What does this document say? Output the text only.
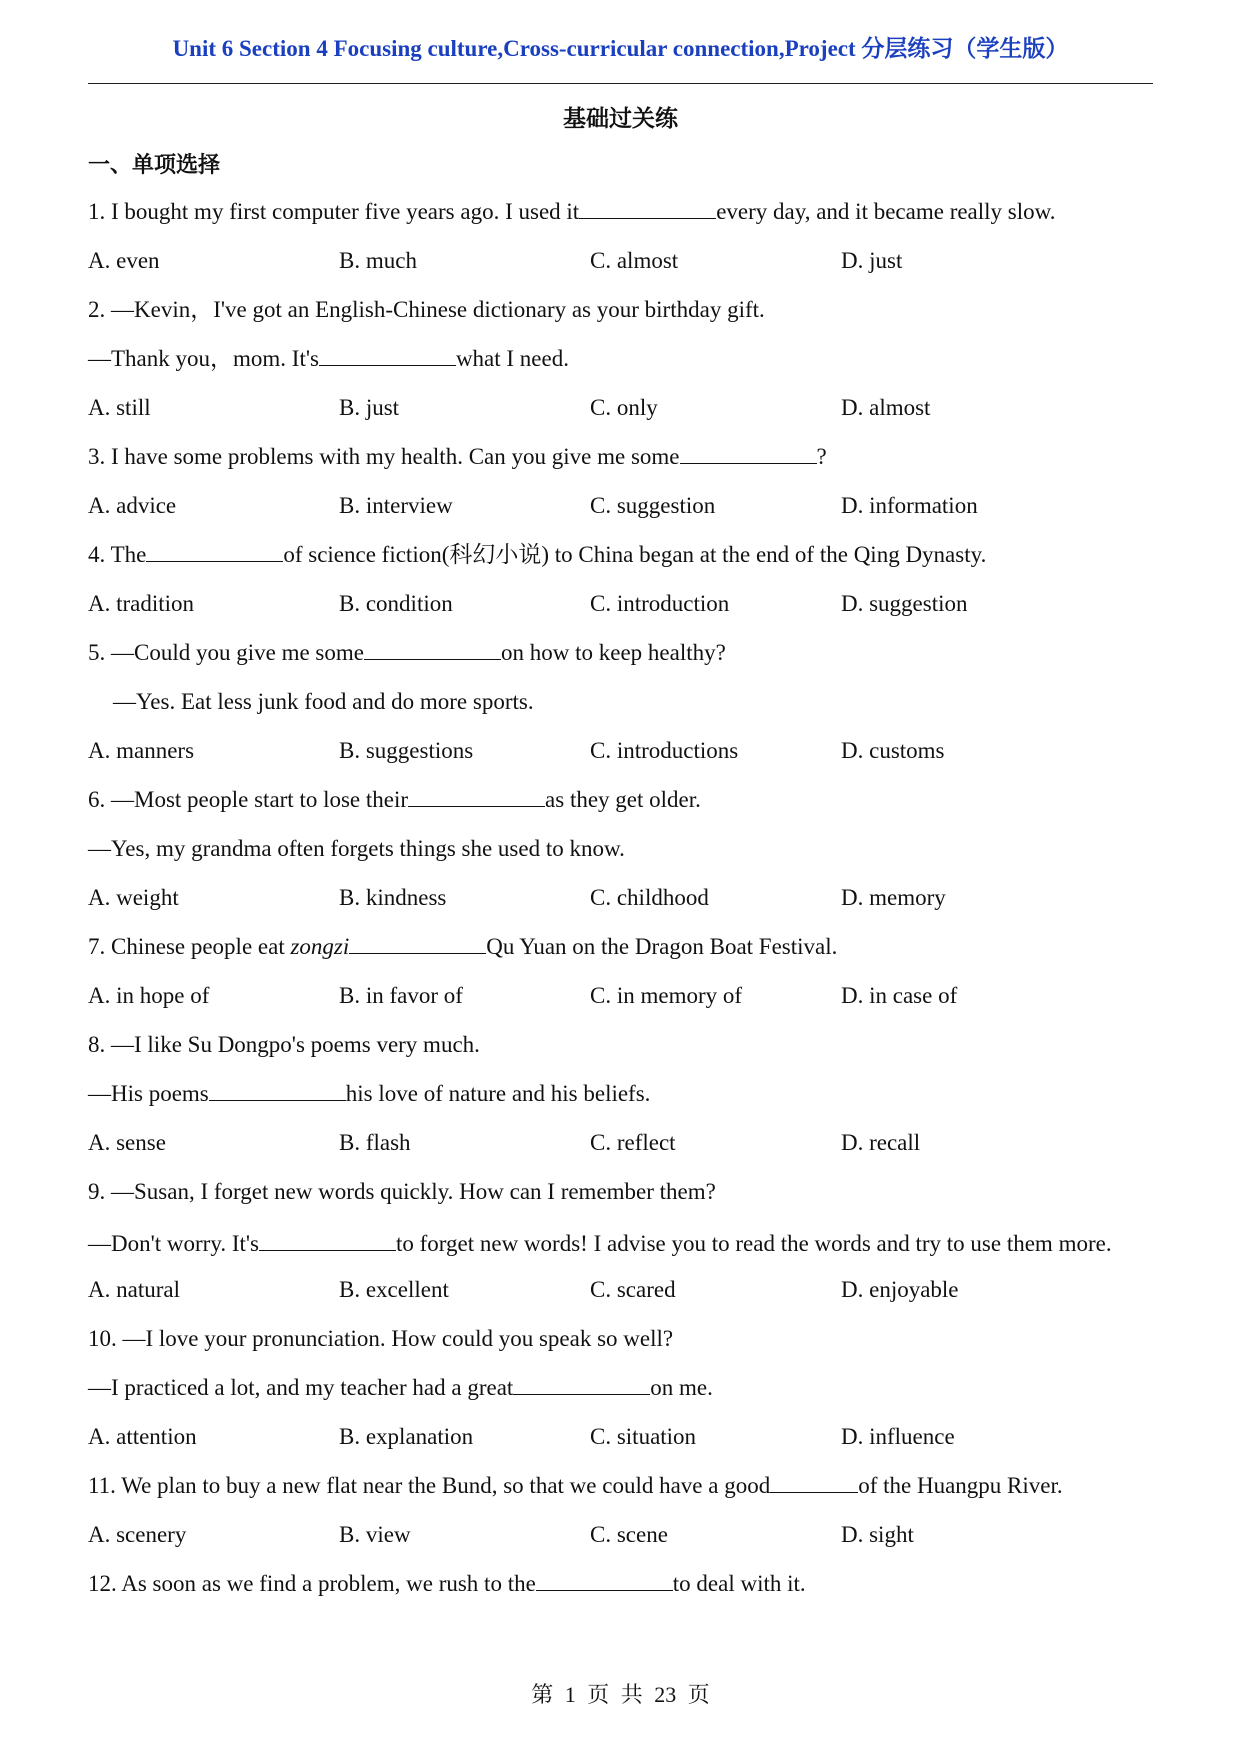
Unit 6 Section 4 Focusing culture,Cross-curricular connection,Project 分层练习（学生版）
基础过关练
一、单项选择
1. I bought my first computer five years ago. I used it	every day, and it became really slow.
A. even	B. much	C. almost	D. just
2. —Kevin，I've got an English-Chinese dictionary as your birthday gift.
—Thank you，mom. It's	what I need.
A. still	B. just	C. only	D. almost
3. I have some problems with my health. Can you give me some	?
A. advice	B. interview	C. suggestion	D. information
4. The	of science fiction(科幻小说) to China began at the end of the Qing Dynasty.
A. tradition	B. condition	C. introduction	D. suggestion
5. —Could you give me some	on how to keep healthy?
—Yes. Eat less junk food and do more sports.
A. manners	B. suggestions	C. introductions	D. customs
6. —Most people start to lose their	as they get older.
—Yes, my grandma often forgets things she used to know.
A. weight	B. kindness	C. childhood	D. memory
7. Chinese people eat zongzi	Qu Yuan on the Dragon Boat Festival.
A. in hope of	B. in favor of	C. in memory of	D. in case of
8. —I like Su Dongpo's poems very much.
—His poems	his love of nature and his beliefs.
A. sense	B. flash	C. reflect	D. recall
9. —Susan, I forget new words quickly. How can I remember them?
—Don't worry. It's	to forget new words! I advise you to read the words and try to use them more.
A. natural	B. excellent	C. scared	D. enjoyable
10. —I love your pronunciation. How could you speak so well?
—I practiced a lot, and my teacher had a great	on me.
A. attention	B. explanation	C. situation	D. influence
11. We plan to buy a new flat near the Bund, so that we could have a good	of the Huangpu River.
A. scenery	B. view	C. scene	D. sight
12. As soon as we find a problem, we rush to the	to deal with it.
第 1 页 共 23 页
